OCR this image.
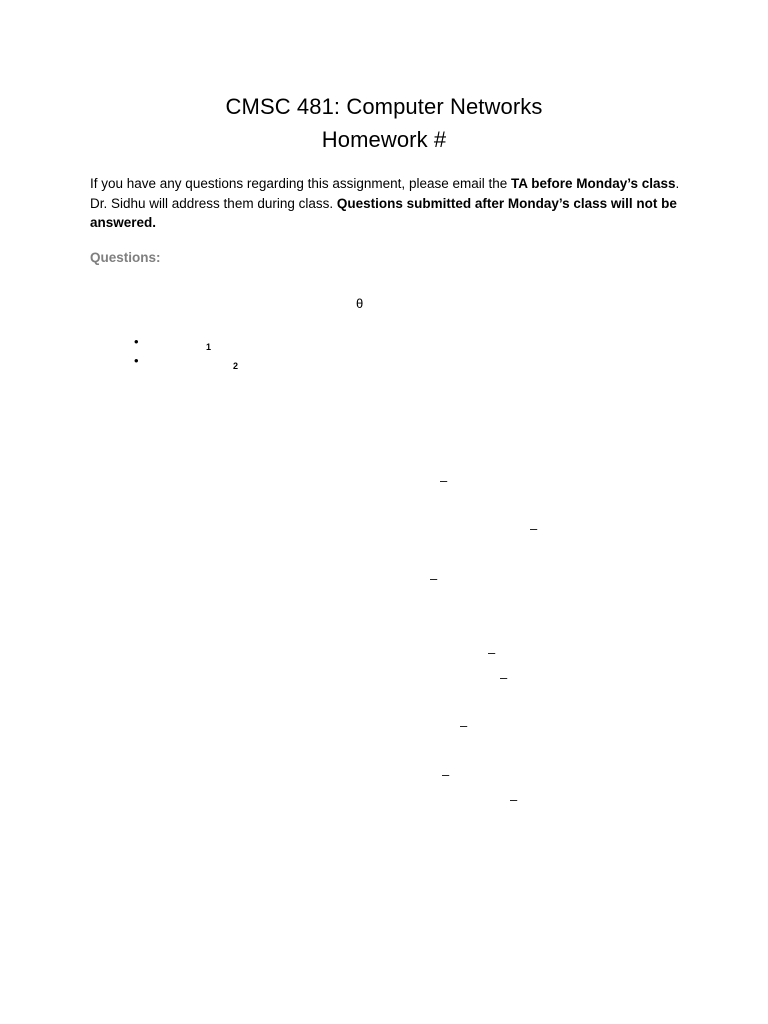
CMSC 481: Computer Networks
Homework #
If you have any questions regarding this assignment, please email the TA before Monday’s class. Dr. Sidhu will address them during class. Questions submitted after Monday’s class will not be answered.
Questions:
θ
•	1
•	2
–
–
–
–
–
–
–
–
